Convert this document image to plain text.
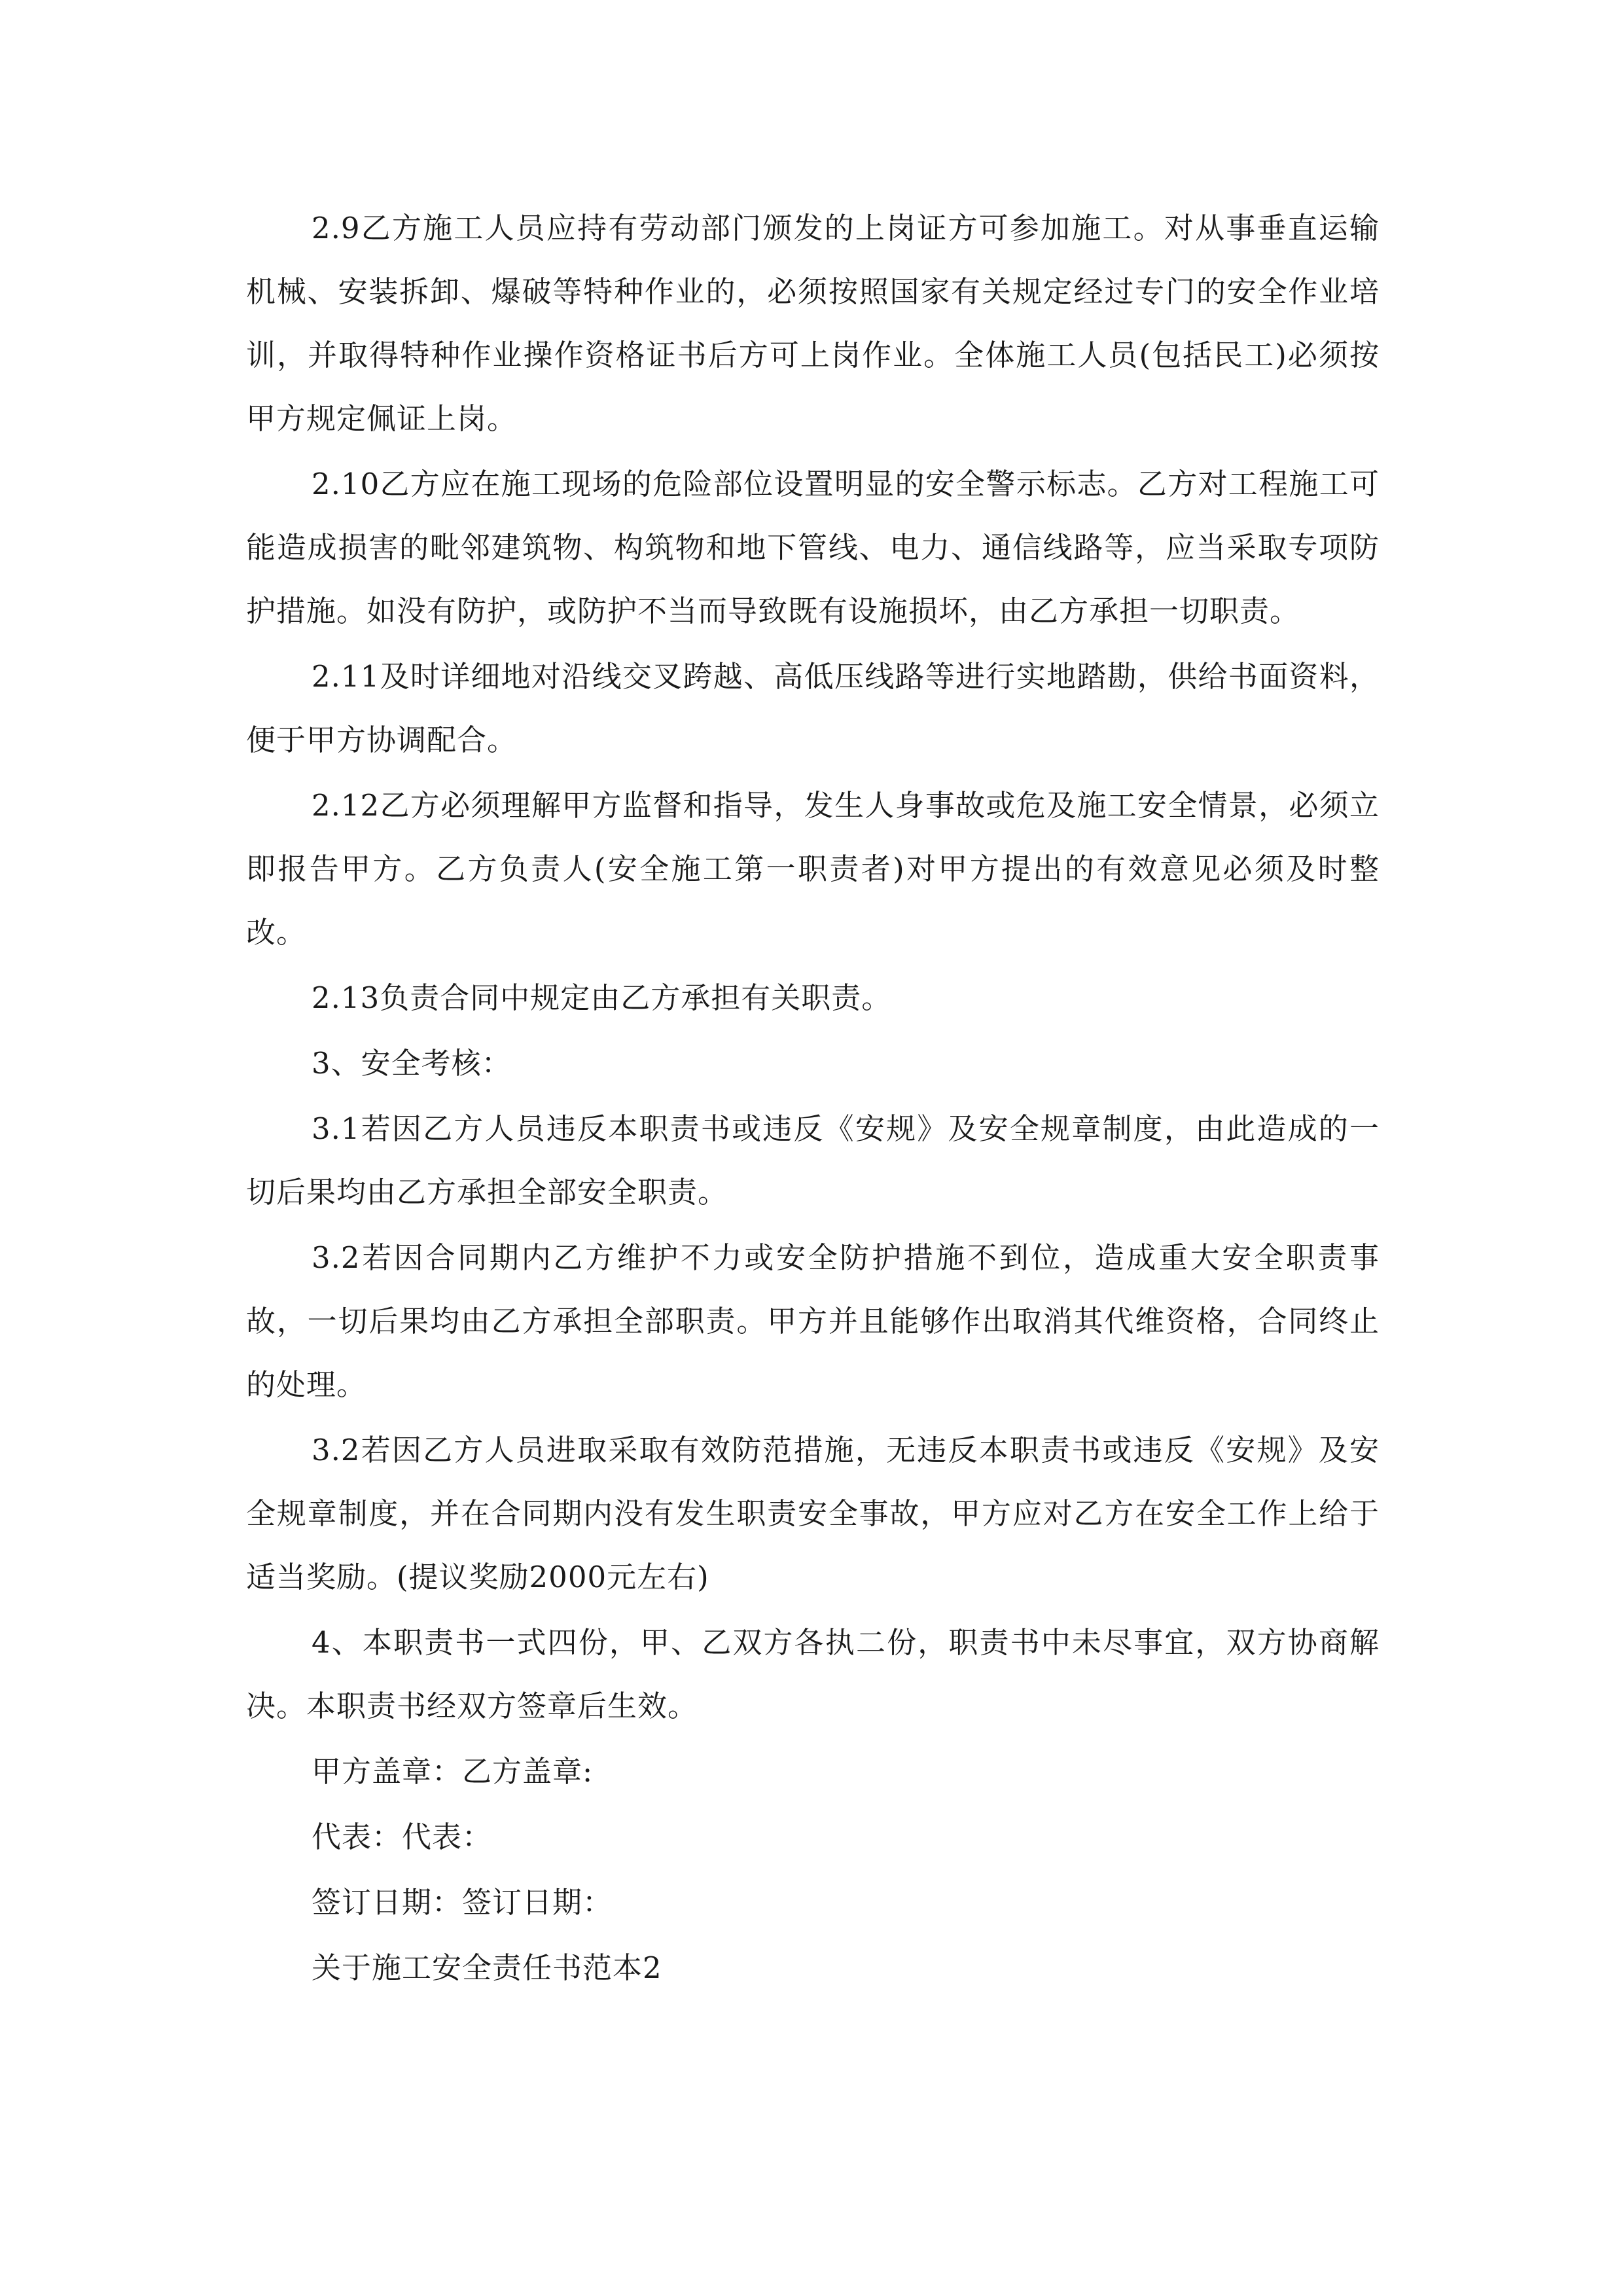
2.9乙方施工人员应持有劳动部门颁发的上岗证方可参加施工。对从事垂直运输机械、安装拆卸、爆破等特种作业的，必须按照国家有关规定经过专门的安全作业培训，并取得特种作业操作资格证书后方可上岗作业。全体施工人员(包括民工)必须按甲方规定佩证上岗。

2.10乙方应在施工现场的危险部位设置明显的安全警示标志。乙方对工程施工可能造成损害的毗邻建筑物、构筑物和地下管线、电力、通信线路等，应当采取专项防护措施。如没有防护，或防护不当而导致既有设施损坏，由乙方承担一切职责。

2.11及时详细地对沿线交叉跨越、高低压线路等进行实地踏勘，供给书面资料，便于甲方协调配合。

2.12乙方必须理解甲方监督和指导，发生人身事故或危及施工安全情景，必须立即报告甲方。乙方负责人(安全施工第一职责者)对甲方提出的有效意见必须及时整改。

2.13负责合同中规定由乙方承担有关职责。

3、安全考核：

3.1若因乙方人员违反本职责书或违反《安规》及安全规章制度，由此造成的一切后果均由乙方承担全部安全职责。

3.2若因合同期内乙方维护不力或安全防护措施不到位，造成重大安全职责事故，一切后果均由乙方承担全部职责。甲方并且能够作出取消其代维资格，合同终止的处理。

3.2若因乙方人员进取采取有效防范措施，无违反本职责书或违反《安规》及安全规章制度，并在合同期内没有发生职责安全事故，甲方应对乙方在安全工作上给于适当奖励。(提议奖励2000元左右)

4、本职责书一式四份，甲、乙双方各执二份，职责书中未尽事宜，双方协商解决。本职责书经双方签章后生效。

甲方盖章：乙方盖章:

代表：代表：

签订日期：签订日期：

关于施工安全责任书范本2
